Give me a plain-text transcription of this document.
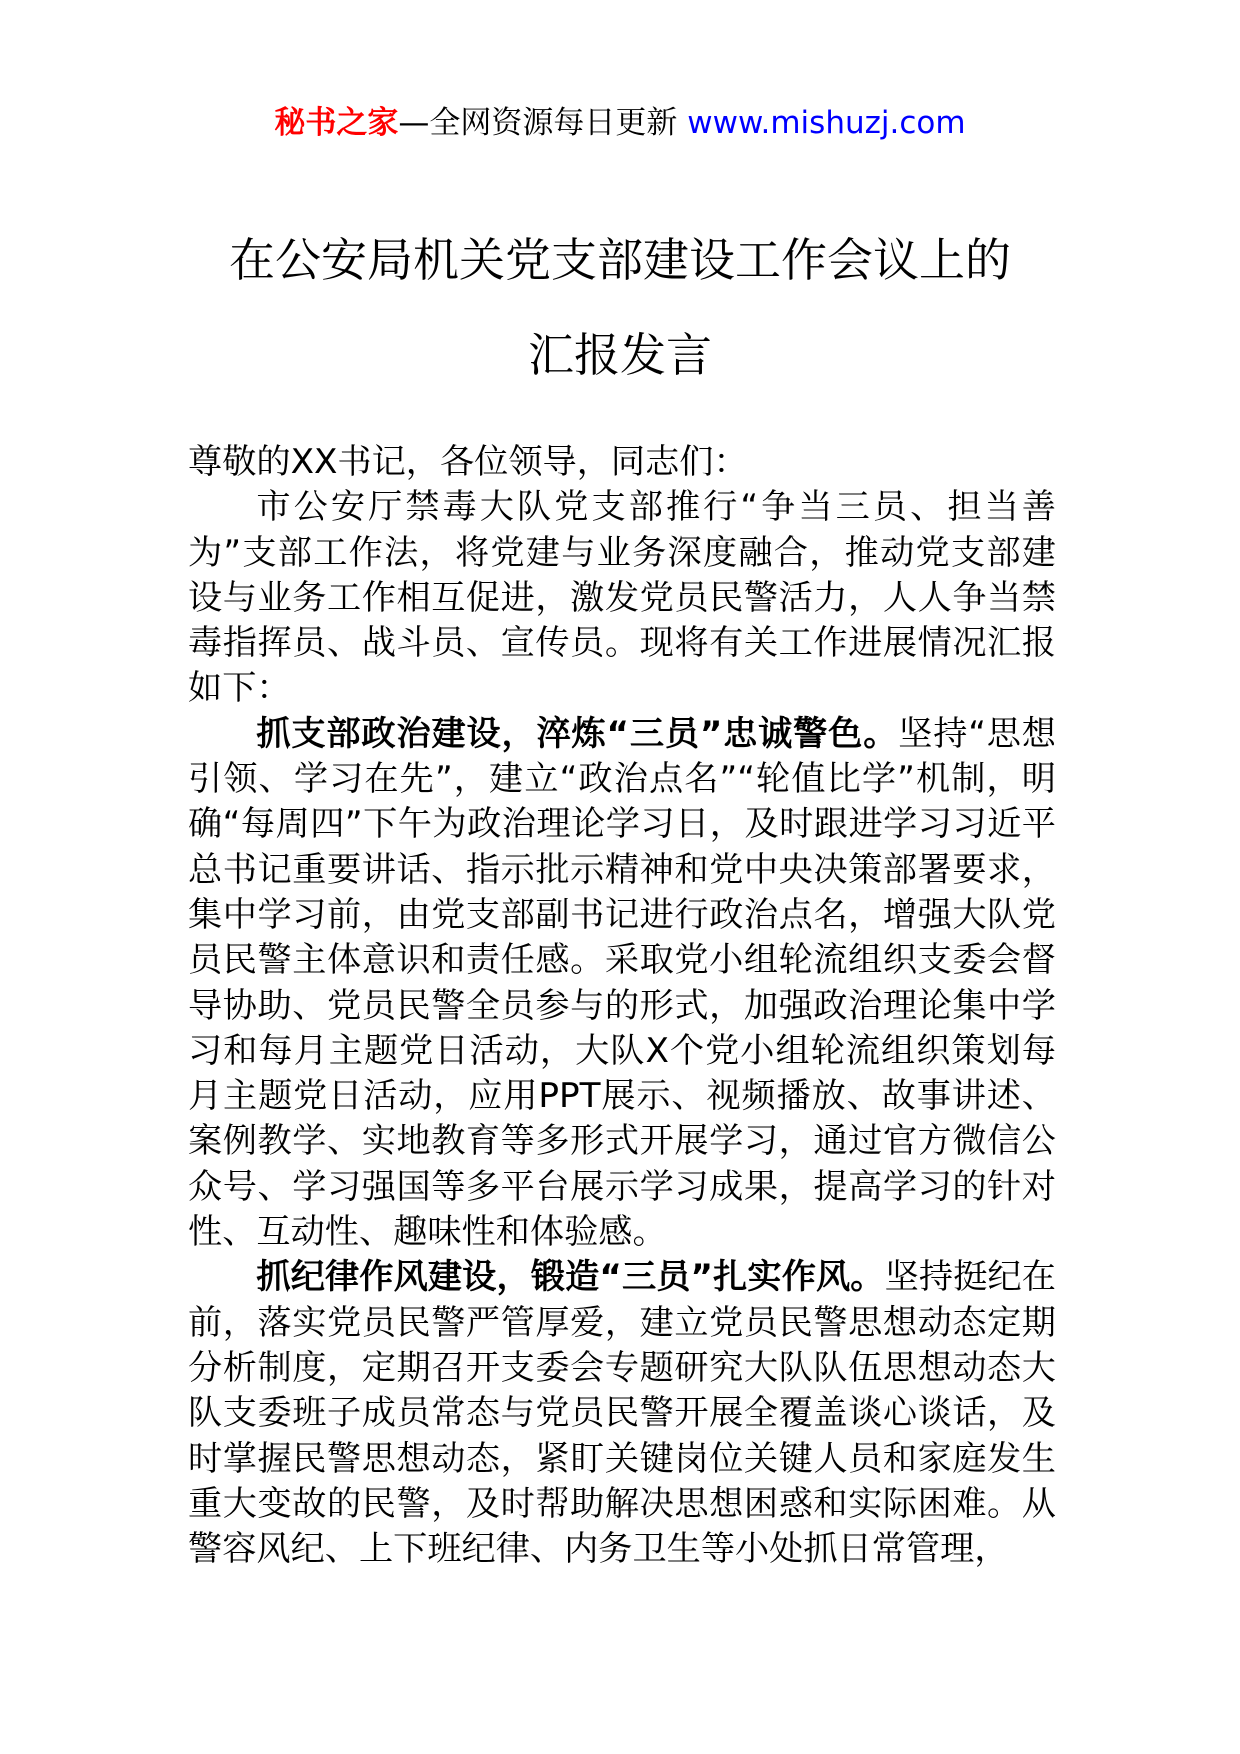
秘书之家—全网资源每日更新 www.mishuzj.com
在公安局机关党支部建设工作会议上的
汇报发言

尊敬的XX书记，各位领导，同志们：

市公安厅禁毒大队党支部推行“争当三员、担当善为”支部工作法，将党建与业务深度融合，推动党支部建设与业务工作相互促进，激发党员民警活力，人人争当禁毒指挥员、战斗员、宣传员。现将有关工作进展情况汇报如下：

抓支部政治建设，淬炼“三员”忠诚警色。坚持“思想引领、学习在先”，建立“政治点名”“轮值比学”机制，明确“每周四”下午为政治理论学习日，及时跟进学习习近平总书记重要讲话、指示批示精神和党中央决策部署要求，集中学习前，由党支部副书记进行政治点名，增强大队党员民警主体意识和责任感。采取党小组轮流组织支委会督导协助、党员民警全员参与的形式，加强政治理论集中学习和每月主题党日活动，大队X个党小组轮流组织策划每月主题党日活动，应用PPT展示、视频播放、故事讲述、案例教学、实地教育等多形式开展学习，通过官方微信公众号、学习强国等多平台展示学习成果，提高学习的针对性、互动性、趣味性和体验感。

抓纪律作风建设，锻造“三员”扎实作风。坚持挺纪在前，落实党员民警严管厚爱，建立党员民警思想动态定期分析制度，定期召开支委会专题研究大队队伍思想动态大队支委班子成员常态与党员民警开展全覆盖谈心谈话，及时掌握民警思想动态，紧盯关键岗位关键人员和家庭发生重大变故的民警，及时帮助解决思想困惑和实际困难。从警容风纪、上下班纪律、内务卫生等小处抓日常管理，
